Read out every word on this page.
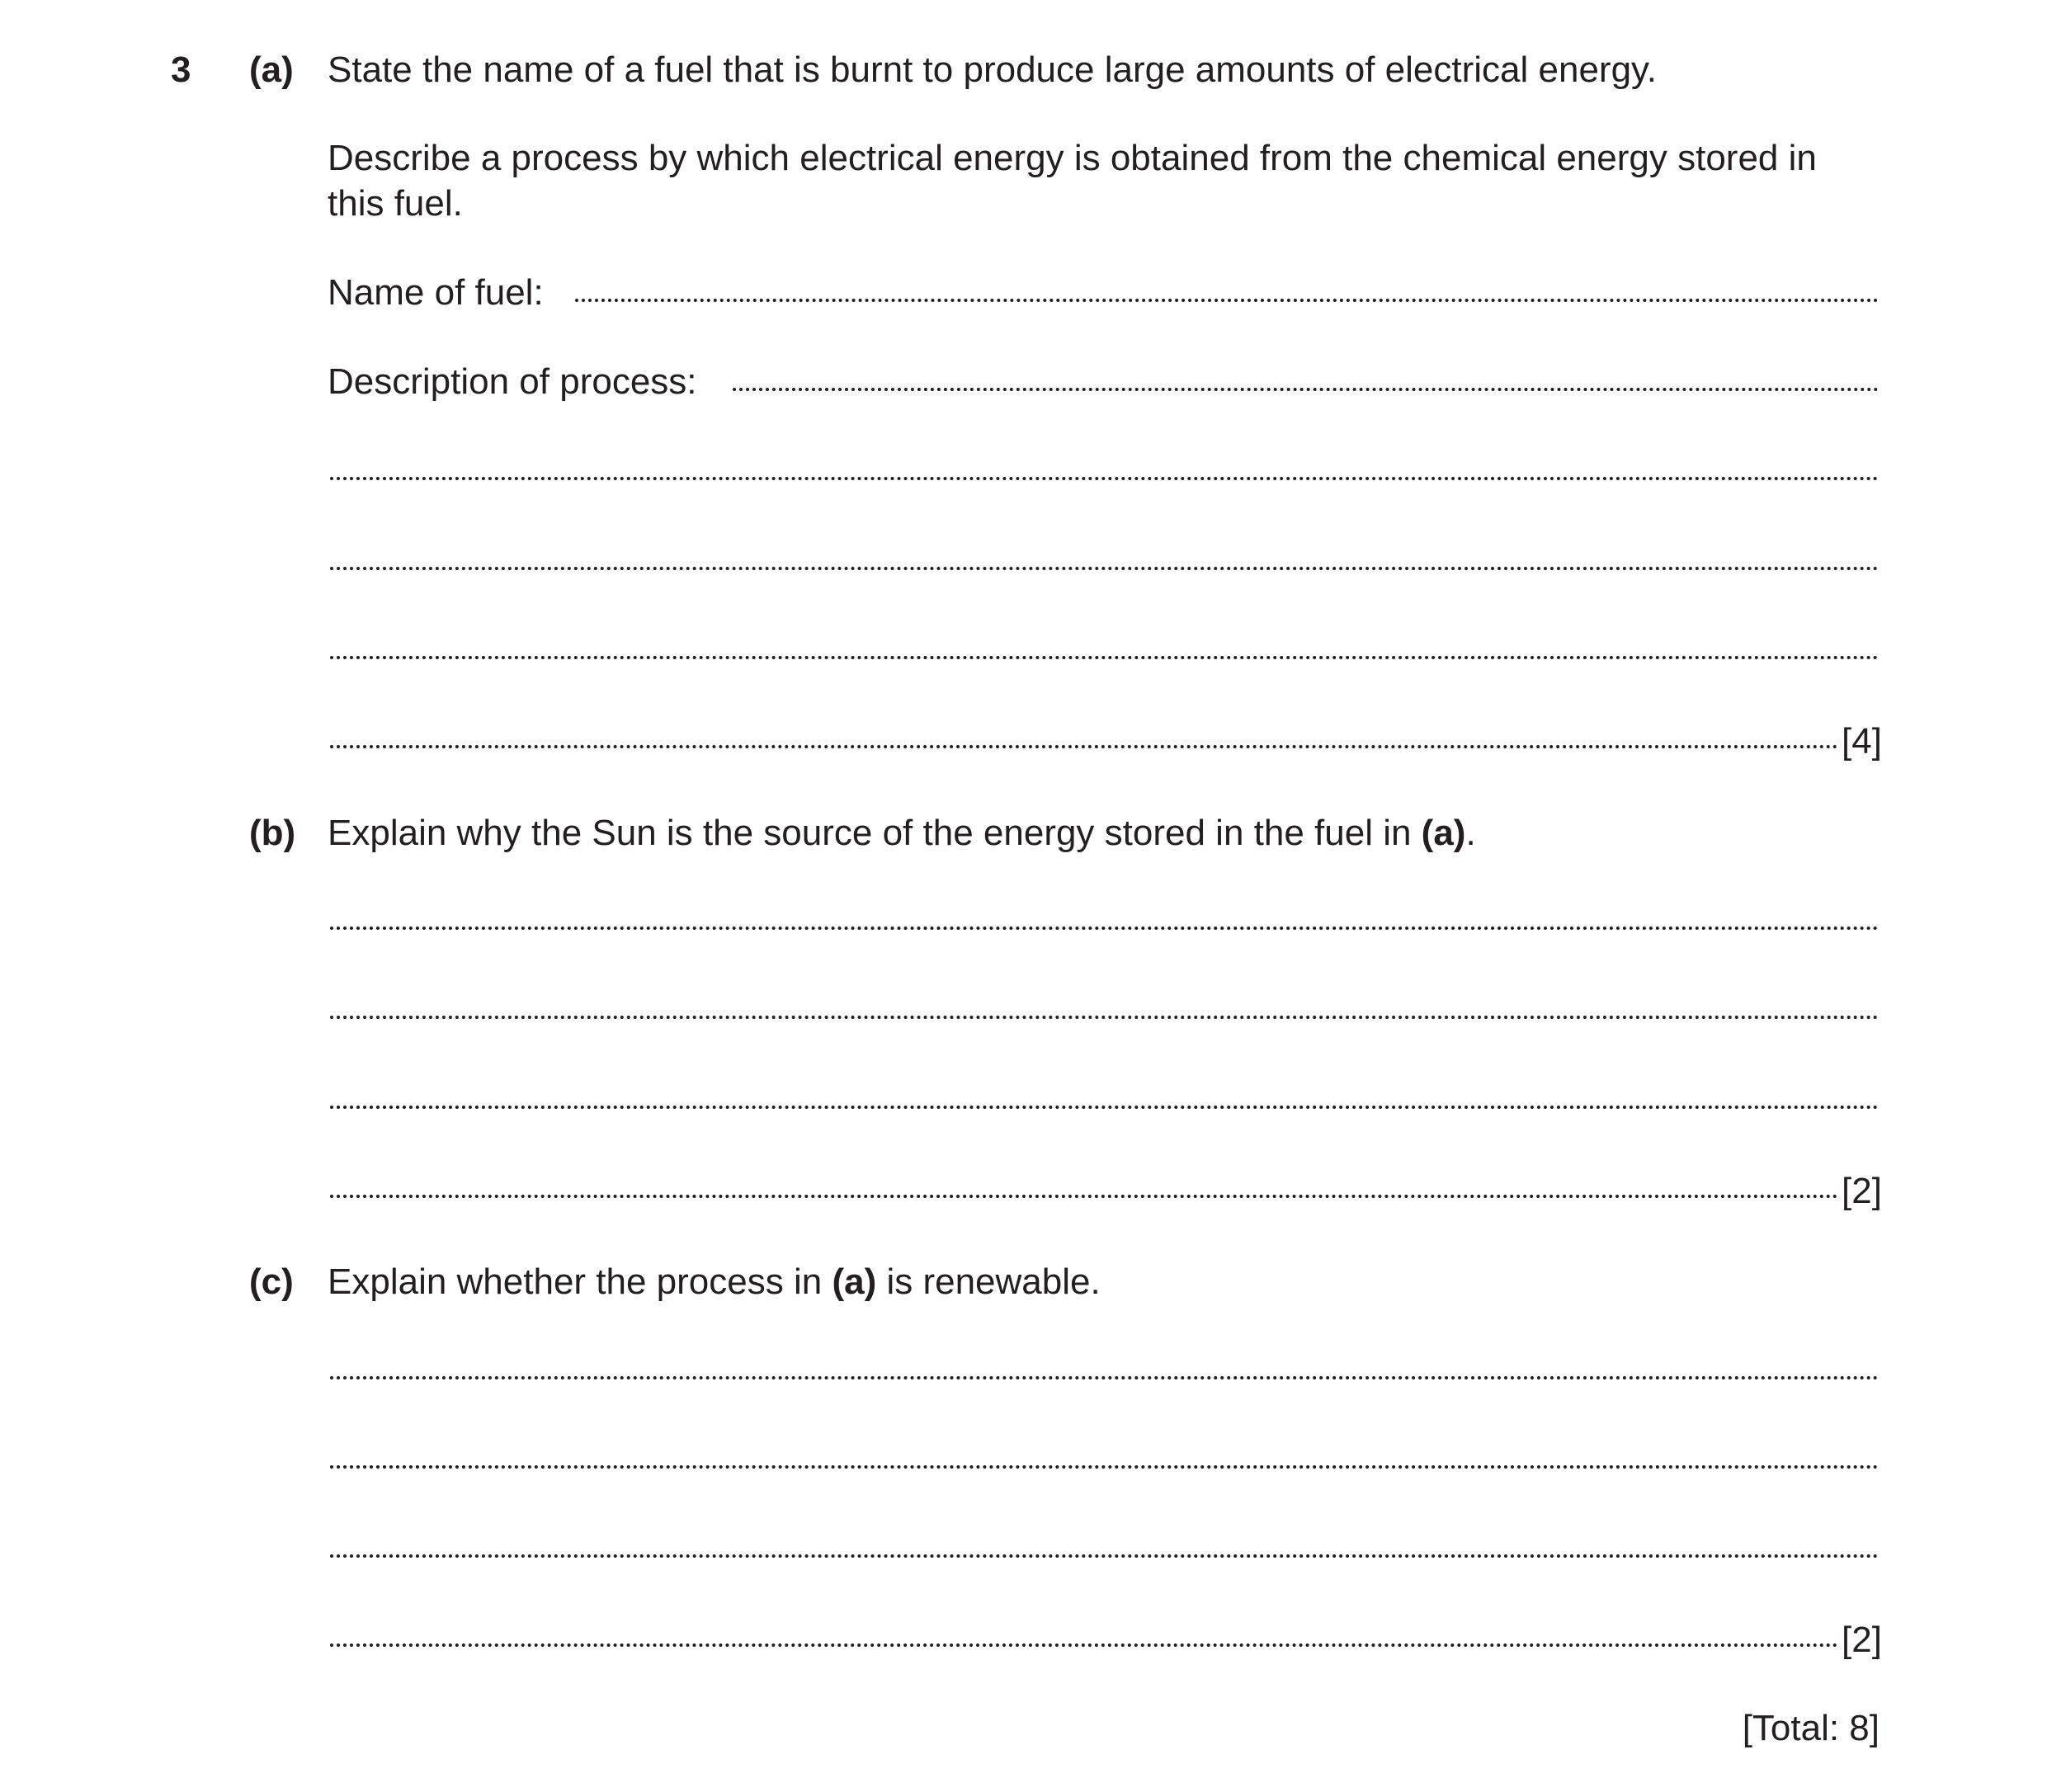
3 (a) State the name of a fuel that is burnt to produce large amounts of electrical energy.
Describe a process by which electrical energy is obtained from the chemical energy stored in
this fuel.
Name of fuel:
Description of process:
[4]
(b) Explain why the Sun is the source of the energy stored in the fuel in (a).
[2]
(c) Explain whether the process in (a) is renewable.
[2]
[Total: 8]
